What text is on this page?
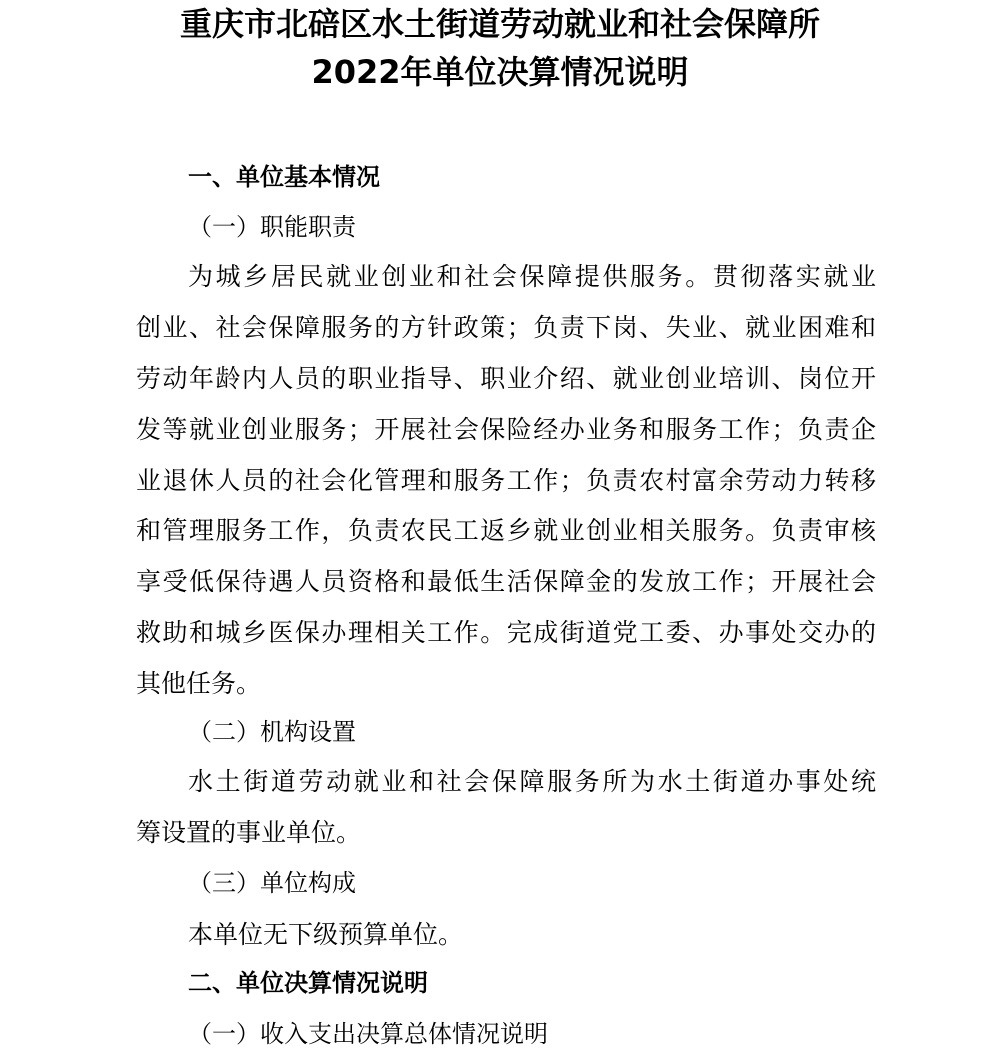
重庆市北碚区水土街道劳动就业和社会保障所
2022年单位决算情况说明
一、单位基本情况
（一）职能职责
为城乡居民就业创业和社会保障提供服务。贯彻落实就业
创业、社会保障服务的方针政策；负责下岗、失业、就业困难和
劳动年龄内人员的职业指导、职业介绍、就业创业培训、岗位开
发等就业创业服务；开展社会保险经办业务和服务工作；负责企
业退休人员的社会化管理和服务工作；负责农村富余劳动力转移
和管理服务工作，负责农民工返乡就业创业相关服务。负责审核
享受低保待遇人员资格和最低生活保障金的发放工作；开展社会
救助和城乡医保办理相关工作。完成街道党工委、办事处交办的
其他任务。
（二）机构设置
水土街道劳动就业和社会保障服务所为水土街道办事处统
筹设置的事业单位。
（三）单位构成
本单位无下级预算单位。
二、单位决算情况说明
（一）收入支出决算总体情况说明
